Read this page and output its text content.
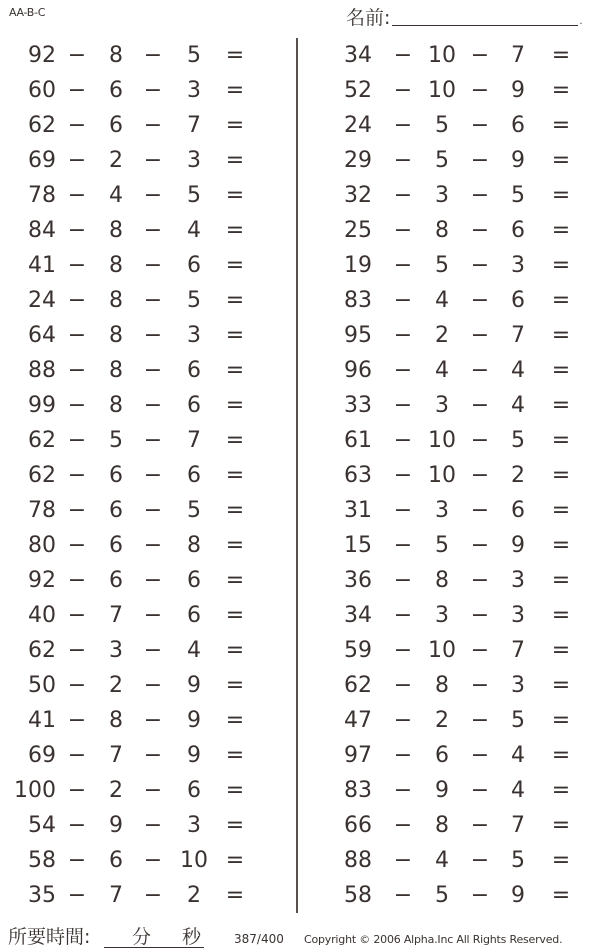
AA-B-C	名前:	.
92 −	8 −	5	=
60 −	6 −	3	=
62 −	6 −	7	=
69 −	2 −	3	=
78 −	4 −	5	=
84 −	8 −	4	=
41 −	8 −	6	=
24 −	8 −	5	=
64 −	8 −	3	=
88 −	8 −	6	=
99 −	8 −	6	=
62 −	5 −	7	=
62 −	6 −	6	=
78 −	6 −	5	=
80 −	6 −	8	=
92 −	6 −	6	=
40 −	7 −	6	=
62 −	3 −	4	=
50 −	2 −	9	=
41 −	8 −	9	=
69 −	7 −	9	=
100 −	2 −	6	=
54 −	9 −	3	=
58 −	6 − 10 =
35 −	7 −	2	=
34 − 10 − 7	=
52 − 10 − 9	=
24 −	5 − 6	=
29 −	5 − 9	=
32 −	3 − 5	=
25 −	8 − 6	=
19 −	5 − 3	=
83 −	4 − 6	=
95 −	2 − 7	=
96 −	4 − 4	=
33 −	3 − 4	=
61 − 10 − 5	=
63 − 10 − 2	=
31 −	3 − 6	=
15 −	5 − 9	=
36 −	8 − 3	=
34 −	3 − 3	=
59 − 10 − 7	=
62 −	8 − 3	=
47 −	2 − 5	=
97 −	6 − 4	=
83 −	9 − 4	=
66 −	8 − 7	=
88 −	4 − 5	=
58 −	5 − 9	=
所要時間: 分 秒	387/400 Copyright © 2006 Alpha.Inc All Rights Reserved.
